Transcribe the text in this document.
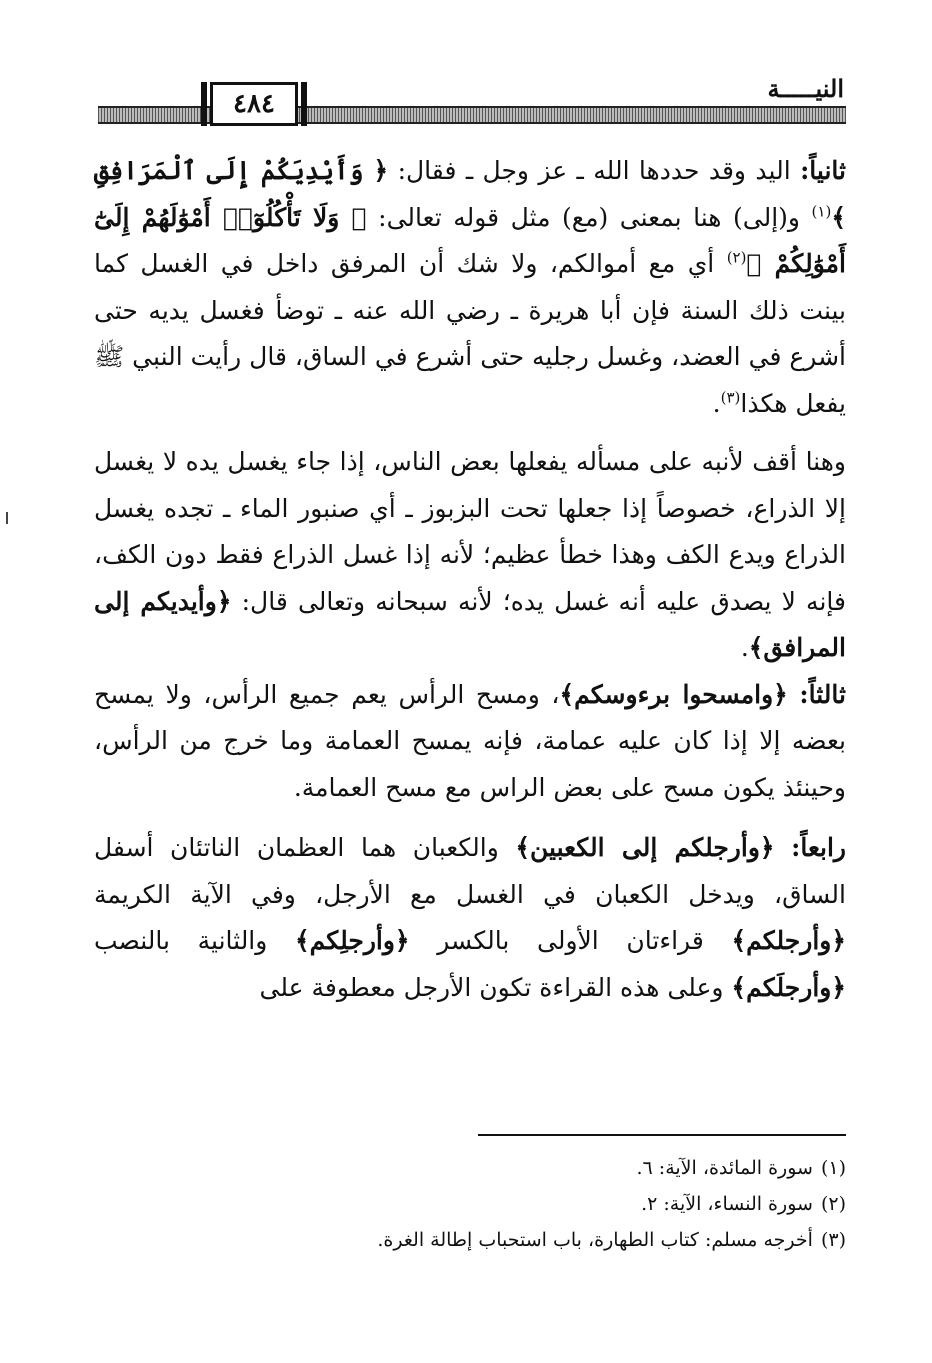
النيـــــة
٤٨٤

ثانياً: اليد وقد حددها الله ـ عز وجل ـ فقال: ﴿ وَأَيْدِيَكُمْ إِلَى ٱلْمَرَافِقِ ﴾$^{(١)}$ و(إلى) هنا بمعنى (مع) مثل قوله تعالى: ﴿ وَلَا تَأْكُلُوٓا۟ أَمْوَٰلَهُمْ إِلَىٰٓ أَمْوَٰلِكُمْ ﴾$^{(٢)}$ أي مع أموالكم، ولا شك أن المرفق داخل في الغسل كما بينت ذلك السنة فإن أبا هريرة ـ رضي الله عنه ـ توضأ فغسل يديه حتى أشرع في العضد، وغسل رجليه حتى أشرع في الساق، قال رأيت النبي ﷺ يفعل هكذا$^{(٣)}$.

وهنا أقف لأنبه على مسأله يفعلها بعض الناس، إذا جاء يغسل يده لا يغسل إلا الذراع، خصوصاً إذا جعلها تحت البزبوز ـ أي صنبور الماء ـ تجده يغسل الذراع ويدع الكف وهذا خطأ عظيم؛ لأنه إذا غسل الذراع فقط دون الكف، فإنه لا يصدق عليه أنه غسل يده؛ لأنه سبحانه وتعالى قال: ﴿وأيديكم إلى المرافق﴾.

ثالثاً: ﴿وامسحوا برءوسكم﴾، ومسح الرأس يعم جميع الرأس، ولا يمسح بعضه إلا إذا كان عليه عمامة، فإنه يمسح العمامة وما خرج من الرأس، وحينئذ يكون مسح على بعض الراس مع مسح العمامة.

رابعاً: ﴿وأرجلكم إلى الكعبين﴾ والكعبان هما العظمان الناتئان أسفل الساق، ويدخل الكعبان في الغسل مع الأرجل، وفي الآية الكريمة ﴿وأرجلكم﴾ قراءتان الأولى بالكسر ﴿وأرجلِكم﴾ والثانية بالنصب ﴿وأرجلَكم﴾ وعلى هذه القراءة تكون الأرجل معطوفة على

(١)سورة المائدة، الآية: ٦.

(٢)سورة النساء، الآية: ٢.

(٣)أخرجه مسلم: كتاب الطهارة، باب استحباب إطالة الغرة.
